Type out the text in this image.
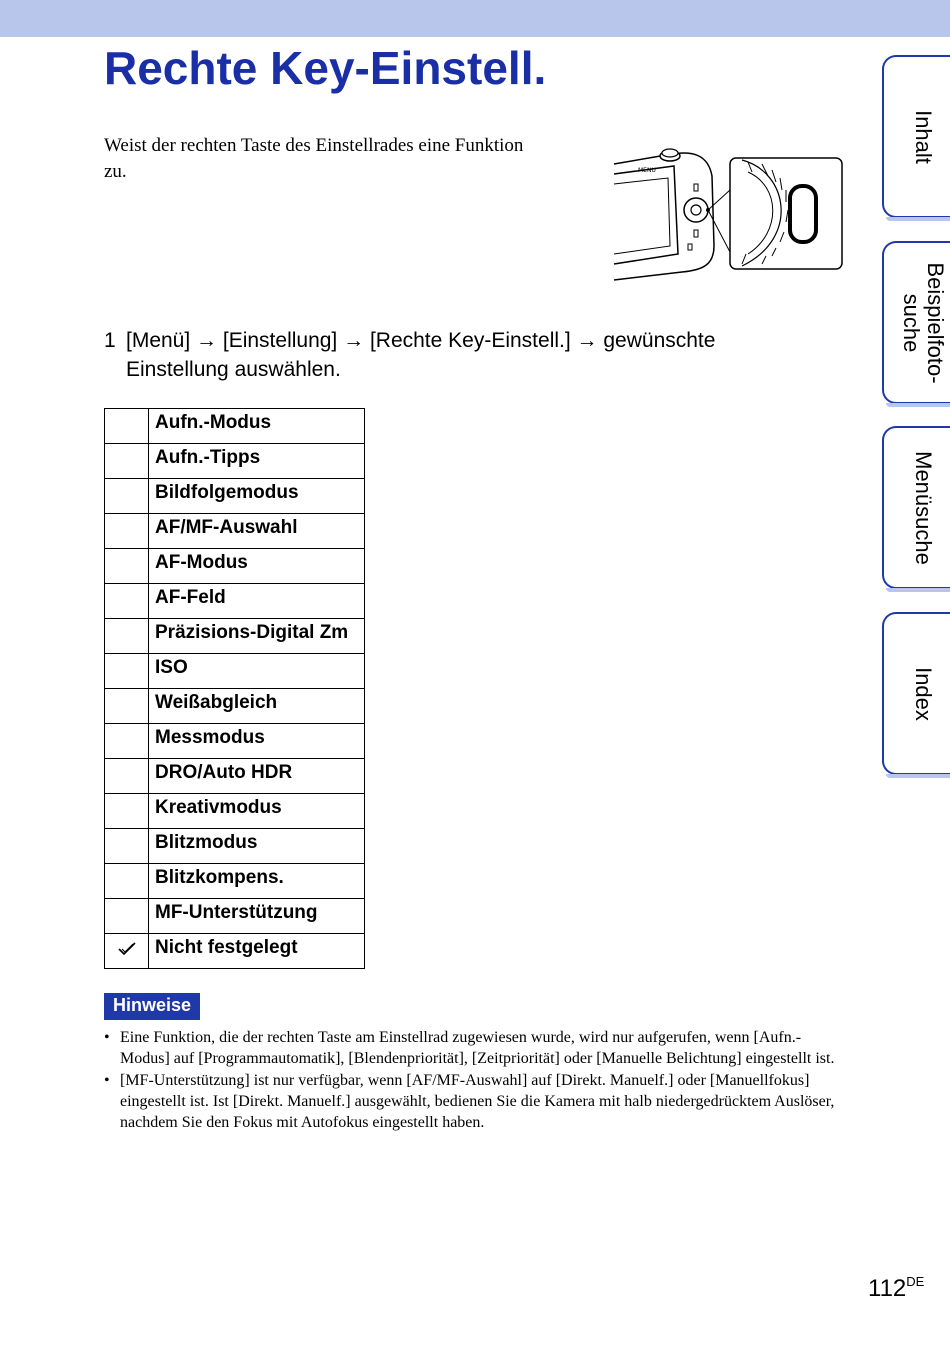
Rechte Key-Einstell.
Weist der rechten Taste des Einstellrades eine Funktion zu.	MENU
1 [Menü] → [Einstellung] → [Rechte Key-Einstell.] → gewünschte Einstellung auswählen.
	Aufn.-Modus
	Aufn.-Tipps
	Bildfolgemodus
	AF/MF-Auswahl
	AF-Modus
	AF-Feld
	Präzisions-Digital Zm
	ISO
	Weißabgleich
	Messmodus
	DRO/Auto HDR
	Kreativmodus
	Blitzmodus
	Blitzkompens.
	MF-Unterstützung
	Nicht festgelegt
Hinweise
• Eine Funktion, die der rechten Taste am Einstellrad zugewiesen wurde, wird nur aufgerufen, wenn [Aufn.-Modus] auf [Programmautomatik], [Blendenpriorität], [Zeitpriorität] oder [Manuelle Belichtung] eingestellt ist.
• [MF-Unterstützung] ist nur verfügbar, wenn [AF/MF-Auswahl] auf [Direkt. Manuelf.] oder [Manuellfokus] eingestellt ist. Ist [Direkt. Manuelf.] ausgewählt, bedienen Sie die Kamera mit halb niedergedrücktem Auslöser, nachdem Sie den Fokus mit Autofokus eingestellt haben.
Inhalt
Beispielfoto-
suche
Menüsuche
Index
112DE
